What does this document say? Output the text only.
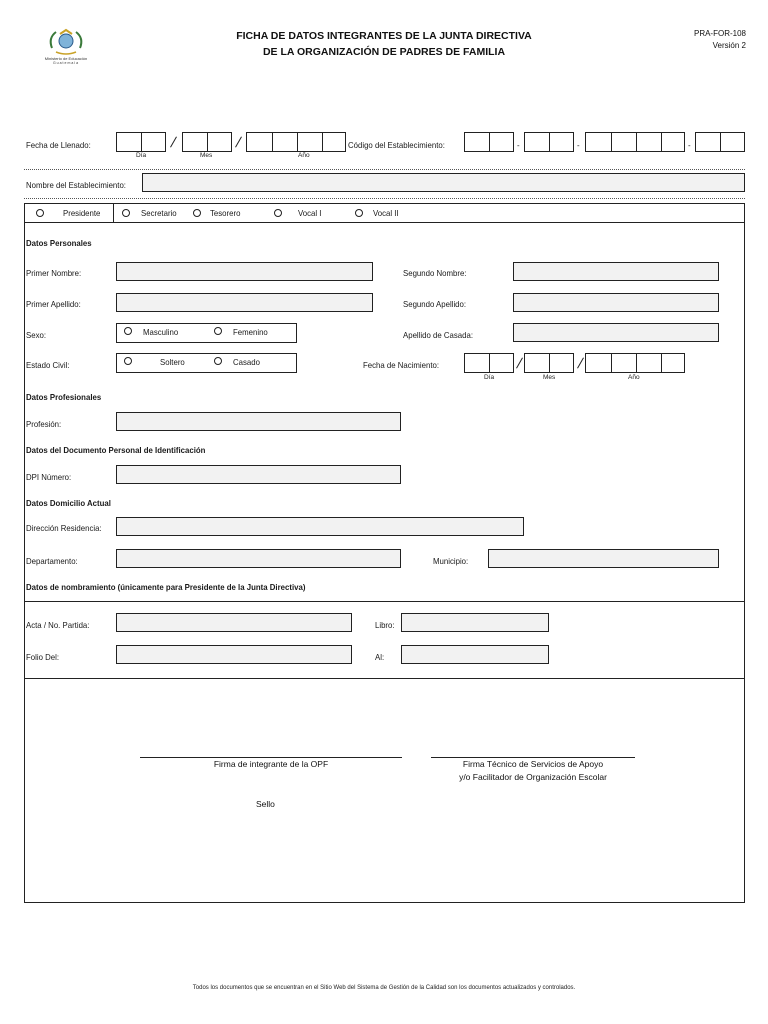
Ministerio de Educación
Guatemala
FICHA DE DATOS INTEGRANTES DE LA JUNTA DIRECTIVA
DE LA ORGANIZACIÓN DE PADRES DE FAMILIA
PRA-FOR-108
Versión 2
Fecha de Llenado:
Día	Mes	Año
Código del Establecimiento:	-	-	-
Nombre del Establecimiento:
Presidente	Secretario	Tesorero	Vocal I	Vocal II
Datos Personales
Primer Nombre:	Segundo Nombre:
Primer Apellido:	Segundo Apellido:
Sexo:	Masculino	Femenino	Apellido de Casada:
Estado Civil:	Soltero	Casado	Fecha de Nacimiento:
Día	Mes	Año
Datos Profesionales
Profesión:
Datos del Documento Personal de Identificación
DPI Número:
Datos Domicilio Actual
Dirección Residencia:
Departamento:	Municipio:
Datos de nombramiento (únicamente para Presidente de la Junta Directiva)
Acta / No. Partida:	Libro:
Folio Del:	Al:
Firma de integrante de la OPF	Firma Técnico de Servicios de Apoyo
y/o Facilitador de Organización Escolar
Sello
Todos los documentos que se encuentran en el Sitio Web del Sistema de Gestión de la Calidad son los documentos actualizados y controlados.
